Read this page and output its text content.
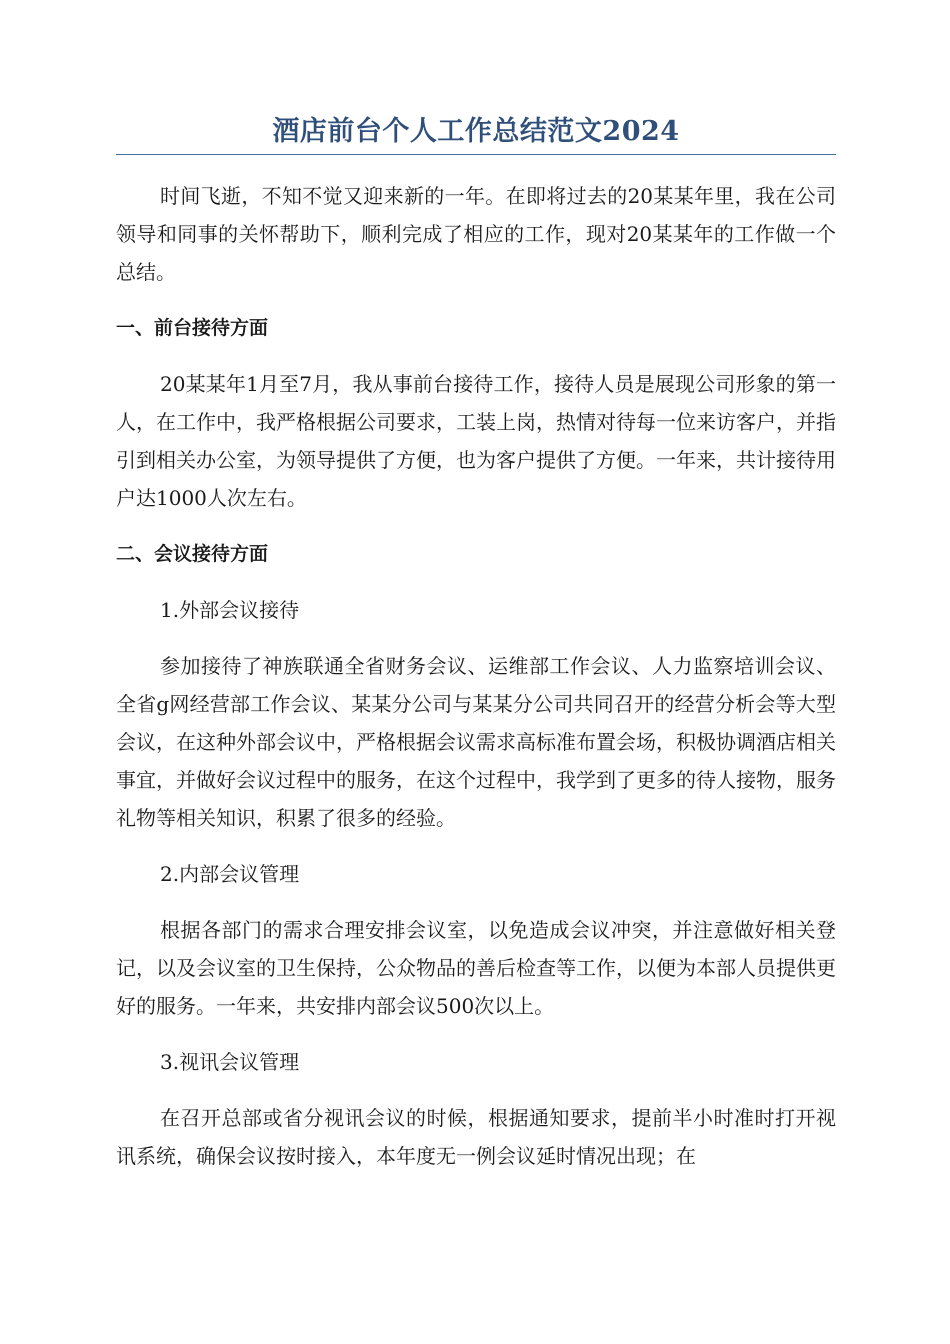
酒店前台个人工作总结范文2024

时间飞逝，不知不觉又迎来新的一年。在即将过去的20某某年里，我在公司领导和同事的关怀帮助下，顺利完成了相应的工作，现对20某某年的工作做一个总结。

一、前台接待方面

20某某年1月至7月，我从事前台接待工作，接待人员是展现公司形象的第一人，在工作中，我严格根据公司要求，工装上岗，热情对待每一位来访客户，并指引到相关办公室，为领导提供了方便，也为客户提供了方便。一年来，共计接待用户达1000人次左右。

二、会议接待方面

1.外部会议接待

参加接待了神族联通全省财务会议、运维部工作会议、人力监察培训会议、全省g网经营部工作会议、某某分公司与某某分公司共同召开的经营分析会等大型会议，在这种外部会议中，严格根据会议需求高标准布置会场，积极协调酒店相关事宜，并做好会议过程中的服务，在这个过程中，我学到了更多的待人接物，服务礼物等相关知识，积累了很多的经验。

2.内部会议管理

根据各部门的需求合理安排会议室，以免造成会议冲突，并注意做好相关登记，以及会议室的卫生保持，公众物品的善后检查等工作，以便为本部人员提供更好的服务。一年来，共安排内部会议500次以上。

3.视讯会议管理

在召开总部或省分视讯会议的时候，根据通知要求，提前半小时准时打开视讯系统，确保会议按时接入，本年度无一例会议延时情况出现；在
